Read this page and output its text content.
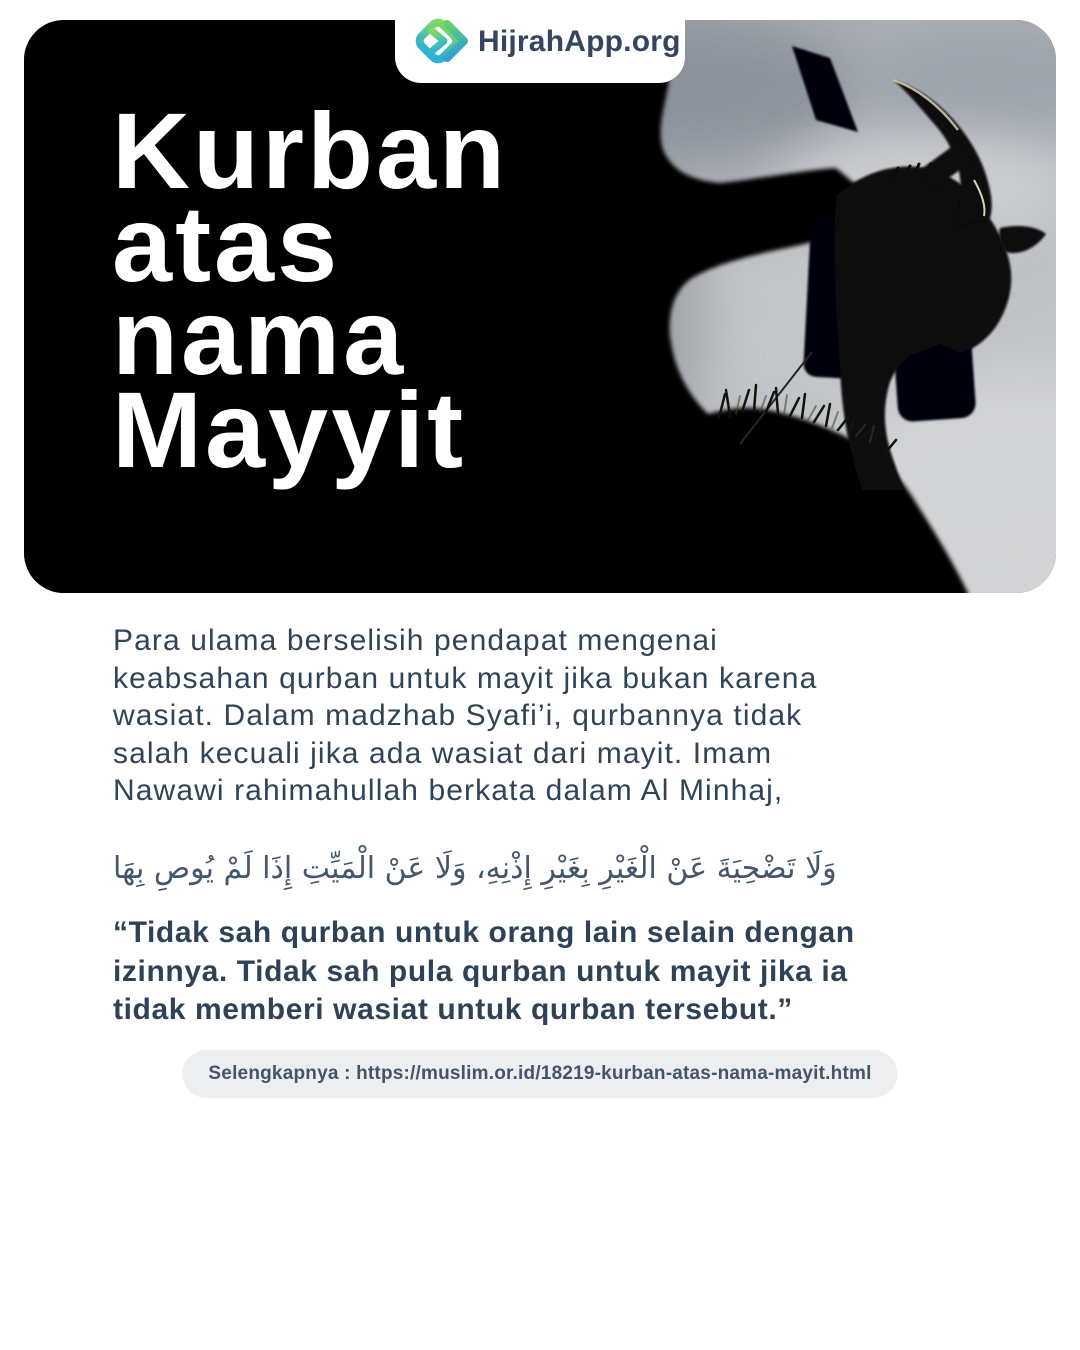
Kurban
atas
nama
Mayyit
HijrahApp.org
Para ulama berselisih pendapat mengenai
keabsahan qurban untuk mayit jika bukan karena
wasiat. Dalam madzhab Syafi’i, qurbannya tidak
salah kecuali jika ada wasiat dari mayit. Imam
Nawawi rahimahullah berkata dalam Al Minhaj,
وَلَا تَضْحِيَةَ عَنْ الْغَيْرِ بِغَيْرِ إِذْنِهِ، وَلَا عَنْ الْمَيِّتِ إِذَا لَمْ يُوصِ بِهَا
“Tidak sah qurban untuk orang lain selain dengan
izinnya. Tidak sah pula qurban untuk mayit jika ia
tidak memberi wasiat untuk qurban tersebut.”
Selengkapnya : https://muslim.or.id/18219-kurban-atas-nama-mayit.html
